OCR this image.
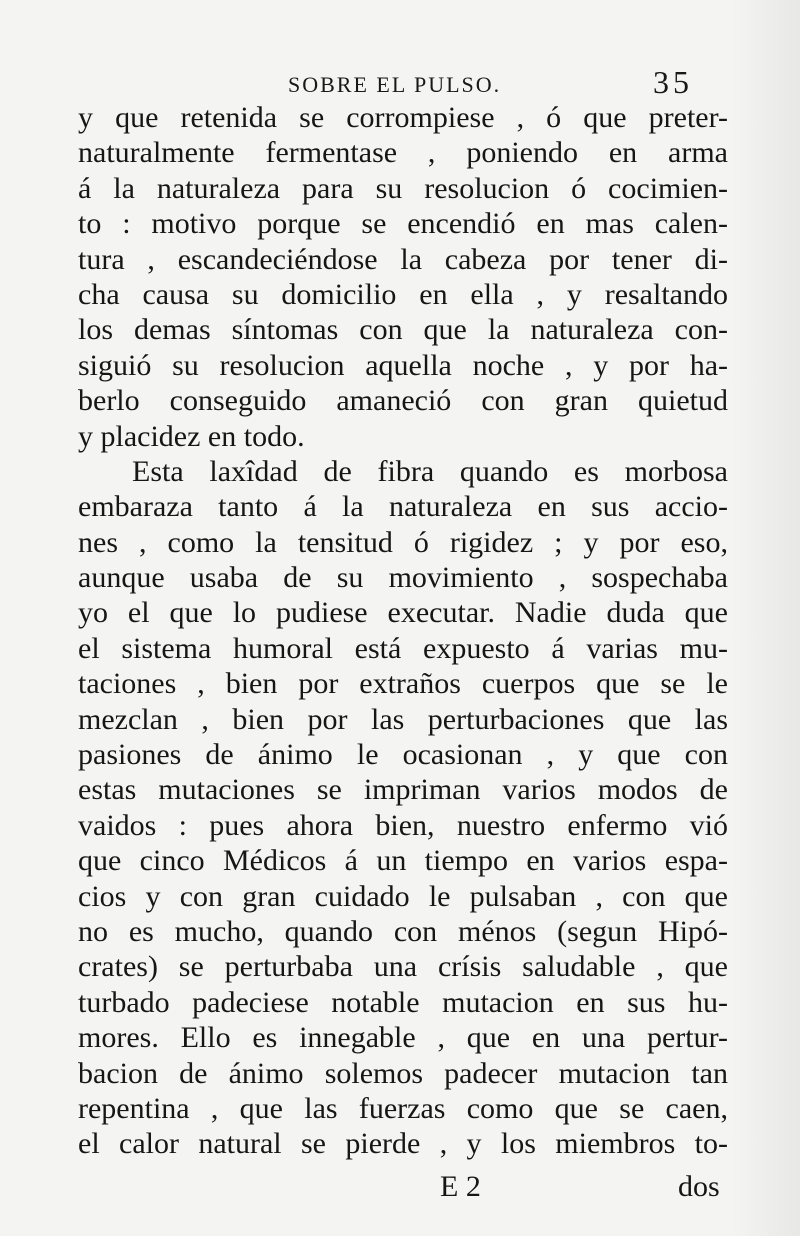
SOBRE EL PULSO.	35
y que retenida se corrompiese , ó que preter-
naturalmente fermentase , poniendo en arma
á la naturaleza para su resolucion ó cocimien-
to : motivo porque se encendió en mas calen-
tura , escandeciéndose la cabeza por tener di-
cha causa su domicilio en ella , y resaltando
los demas síntomas con que la naturaleza con-
siguió su resolucion aquella noche , y por ha-
berlo conseguido amaneció con gran quietud
y placidez en todo.
Esta laxîdad de fibra quando es morbosa
embaraza tanto á la naturaleza en sus accio-
nes , como la tensitud ó rigidez ; y por eso,
aunque usaba de su movimiento , sospechaba
yo el que lo pudiese executar. Nadie duda que
el sistema humoral está expuesto á varias mu-
taciones , bien por extraños cuerpos que se le
mezclan , bien por las perturbaciones que las
pasiones de ánimo le ocasionan , y que con
estas mutaciones se impriman varios modos de
vaidos : pues ahora bien, nuestro enfermo vió
que cinco Médicos á un tiempo en varios espa-
cios y con gran cuidado le pulsaban , con que
no es mucho, quando con ménos (segun Hipó-
crates) se perturbaba una crísis saludable , que
turbado padeciese notable mutacion en sus hu-
mores. Ello es innegable , que en una pertur-
bacion de ánimo solemos padecer mutacion tan
repentina , que las fuerzas como que se caen,
el calor natural se pierde , y los miembros to-
E 2	dos
